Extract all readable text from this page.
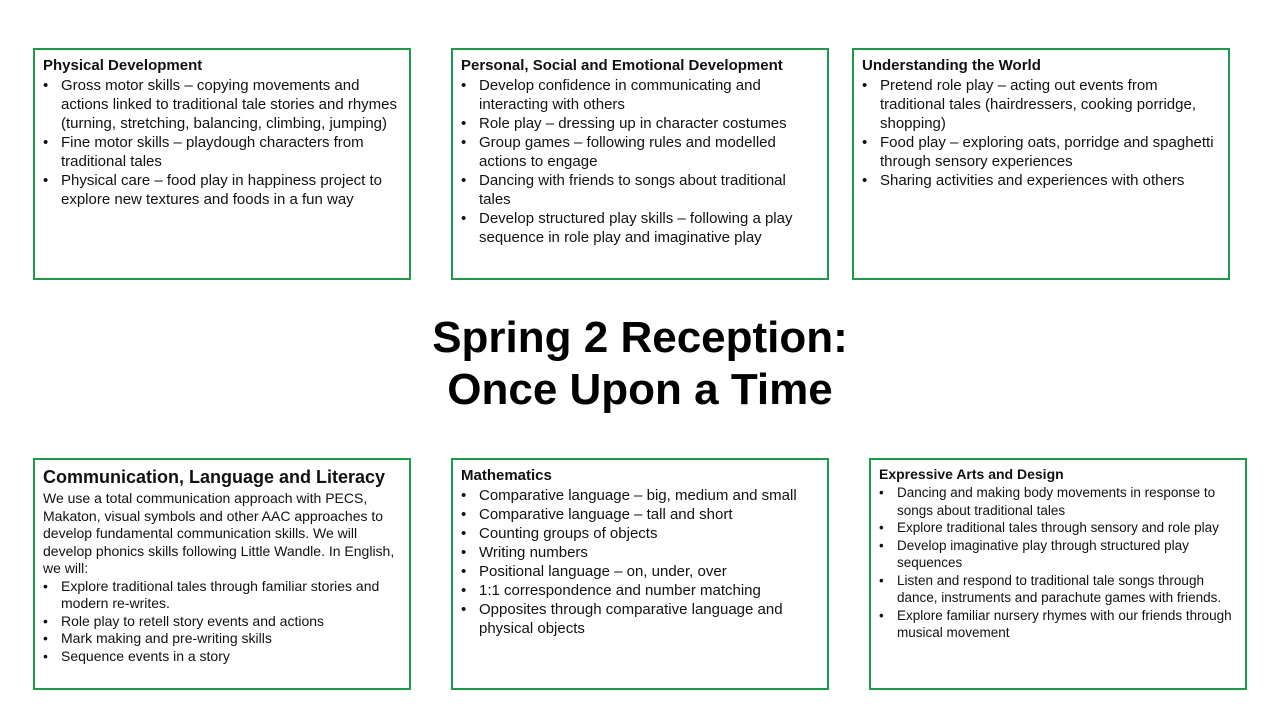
Physical Development
• Gross motor skills – copying movements and actions linked to traditional tale stories and rhymes (turning, stretching, balancing, climbing, jumping)
• Fine motor skills – playdough characters from traditional tales
• Physical care – food play in happiness project to explore new textures and foods in a fun way
Personal, Social and Emotional Development
• Develop confidence in communicating and interacting with others
• Role play – dressing up in character costumes
• Group games – following rules and modelled actions to engage
• Dancing with friends to songs about traditional tales
• Develop structured play skills – following a play sequence in role play and imaginative play
Understanding the World
• Pretend role play – acting out events from traditional tales (hairdressers, cooking porridge, shopping)
• Food play – exploring oats, porridge and spaghetti through sensory experiences
• Sharing activities and experiences with others
Spring 2 Reception:
Once Upon a Time
Communication, Language and Literacy

We use a total communication approach with PECS, Makaton, visual symbols and other AAC approaches to develop fundamental communication skills. We will develop phonics skills following Little Wandle. In English, we will:

• Explore traditional tales through familiar stories and modern re-writes.
• Role play to retell story events and actions
• Mark making and pre-writing skills
• Sequence events in a story
Mathematics
• Comparative language – big, medium and small
• Comparative language – tall and short
• Counting groups of objects
• Writing numbers
• Positional language – on, under, over
• 1:1 correspondence and number matching
• Opposites through comparative language and physical objects
Expressive Arts and Design
• Dancing and making body movements in response to songs about traditional tales
• Explore traditional tales through sensory and role play
• Develop imaginative play through structured play sequences
• Listen and respond to traditional tale songs through dance, instruments and parachute games with friends.
• Explore familiar nursery rhymes with our friends through musical movement
